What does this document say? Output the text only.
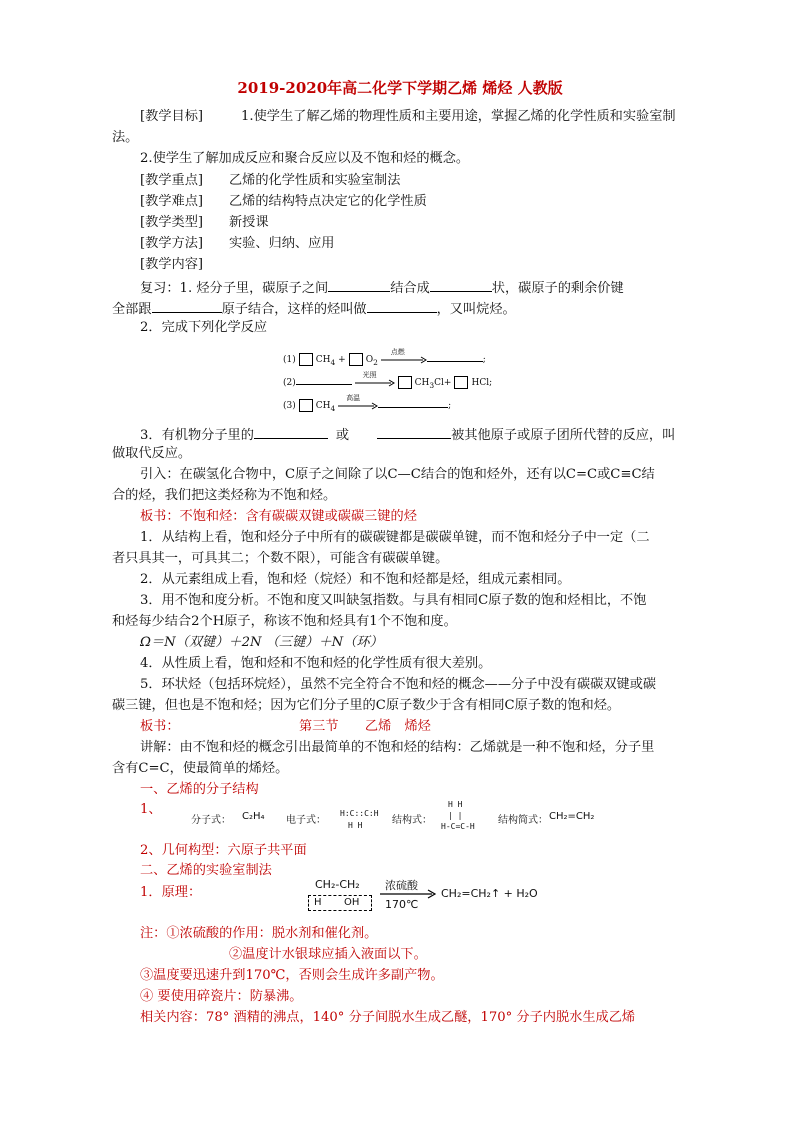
2019-2020年高二化学下学期乙烯 烯烃 人教版
[教学目标]	1.使学生了解乙烯的物理性质和主要用途，掌握乙烯的化学性质和实验室制
法。
2.使学生了解加成反应和聚合反应以及不饱和烃的概念。
[教学重点] 乙烯的化学性质和实验室制法
[教学难点] 乙烯的结构特点决定它的化学性质
[教学类型] 新授课
[教学方法] 实验、归纳、应用
[教学内容]
复习：1. 烃分子里，碳原子之间	结合成	状，碳原子的剩余价键
全部跟	原子结合，这样的烃叫做	，又叫烷烃。
2．完成下列化学反应
(1) $CH_4 + O_2$
点燃
;
(2)
光照
$CH_3Cl+$ HCl;
(3) $CH_4$
高温
;
3．有机物分子里的	或	被其他原子或原子团所代替的反应，叫
做取代反应。
引入：在碳氢化合物中，C原子之间除了以C—C结合的饱和烃外，还有以C=C或C≡C结
合的烃，我们把这类烃称为不饱和烃。
板书：不饱和烃：含有碳碳双键或碳碳三键的烃
1．从结构上看，饱和烃分子中所有的碳碳键都是碳碳单键，而不饱和烃分子中一定（二
者只具其一，可具其二；个数不限），可能含有碳碳单键。
2．从元素组成上看，饱和烃（烷烃）和不饱和烃都是烃，组成元素相同。
3．用不饱和度分析。不饱和度又叫缺氢指数。与具有相同C原子数的饱和烃相比，不饱
和烃每少结合2个H原子，称该不饱和烃具有1个不饱和度。
Ω＝N（双键）＋2N （三键）＋N（环）
4．从性质上看，饱和烃和不饱和烃的化学性质有很大差别。
5．环状烃（包括环烷烃），虽然不完全符合不饱和烃的概念——分子中没有碳碳双键或碳
碳三键，但也是不饱和烃；因为它们分子里的C原子数少于含有相同C原子数的饱和烃。
板书：	第三节　　乙烯　烯烃
讲解：由不饱和烃的概念引出最简单的不饱和烃的结构：乙烯就是一种不饱和烃，分子里
含有C=C，使最简单的烯烃。
一、乙烯的分子结构
1、
分子式： C₂H₄ 电子式：
H:C::C:H
H H	结构式：
H H
| |
H-C=C-H
结构简式： CH₂=CH₂
2、几何构型：六原子共平面
二、乙烯的实验室制法
1．原理：
CH₂-CH₂
H OH
浓硫酸
170℃
CH₂=CH₂↑ + H₂O
注：①浓硫酸的作用：脱水剂和催化剂。
②温度计水银球应插入液面以下。
③温度要迅速升到170℃，否则会生成许多副产物。
④ 要使用碎瓷片：防暴沸。
相关内容：78° 酒精的沸点，140° 分子间脱水生成乙醚，170° 分子内脱水生成乙烯
